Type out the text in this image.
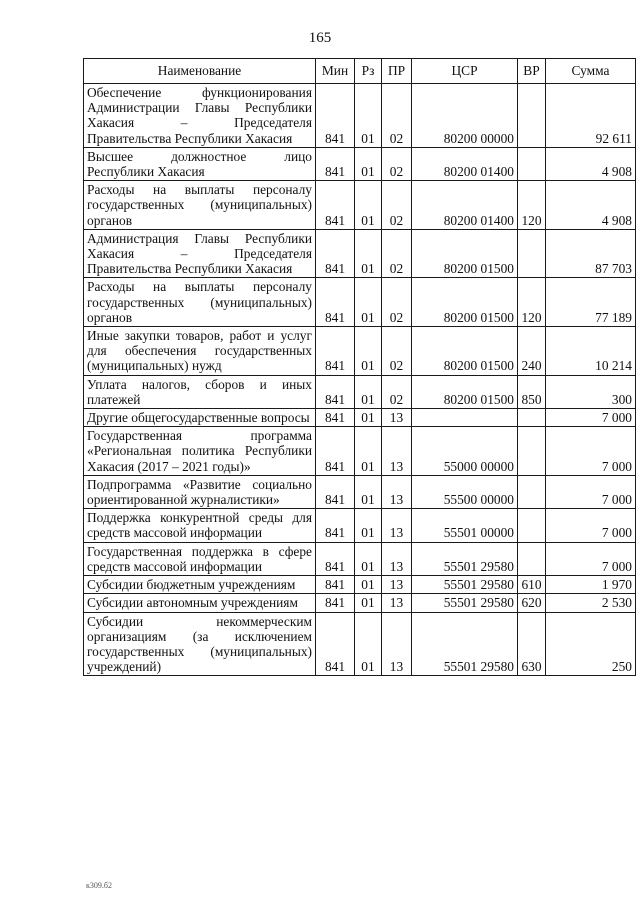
165
Наименование	Мин	Рз	ПР	ЦСР	ВР	Сумма
Обеспечение функционирования Администрации Главы Республики Хакасия – Председателя Правительства Республики Хакасия	841	01	02	80200 00000		92 611
Высшее должностное лицо Республики Хакасия	841	01	02	80200 01400		4 908
Расходы на выплаты персоналу государственных (муниципальных) органов	841	01	02	80200 01400	120	4 908
Администрация Главы Республики Хакасия – Председателя Правительства Республики Хакасия	841	01	02	80200 01500		87 703
Расходы на выплаты персоналу государственных (муниципальных) органов	841	01	02	80200 01500	120	77 189
Иные закупки товаров, работ и услуг для обеспечения государственных (муниципальных) нужд	841	01	02	80200 01500	240	10 214
Уплата налогов, сборов и иных платежей	841	01	02	80200 01500	850	300
Другие общегосударственные вопросы	841	01	13			7 000
Государственная программа «Региональная политика Республики Хакасия (2017 – 2021 годы)»	841	01	13	55000 00000		7 000
Подпрограмма «Развитие социально ориентированной журналистики»	841	01	13	55500 00000		7 000
Поддержка конкурентной среды для средств массовой информации	841	01	13	55501 00000		7 000
Государственная поддержка в сфере средств массовой информации	841	01	13	55501 29580		7 000
Субсидии бюджетным учреждениям	841	01	13	55501 29580	610	1 970
Субсидии автономным учреждениям	841	01	13	55501 29580	620	2 530
Субсидии некоммерческим организациям (за исключением государственных (муниципальных) учреждений)	841	01	13	55501 29580	630	250
к309.б2
